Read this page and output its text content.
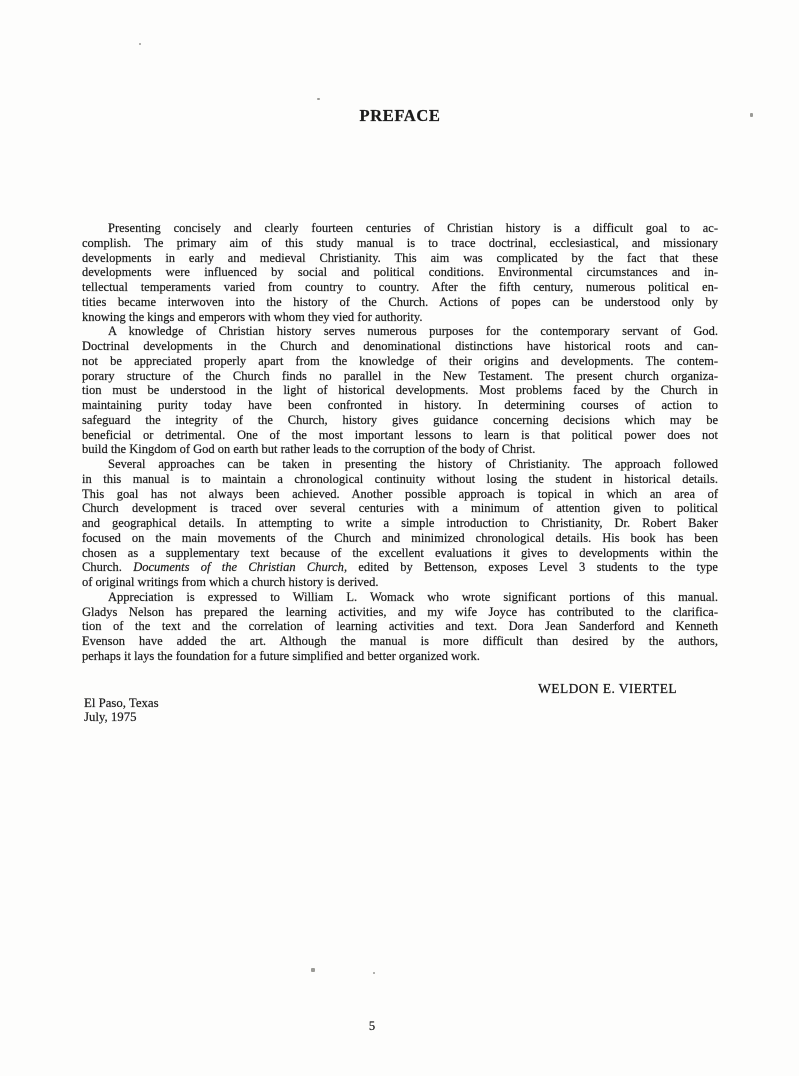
PREFACE
Presenting concisely and clearly fourteen centuries of Christian history is a difficult goal to ac-
complish. The primary aim of this study manual is to trace doctrinal, ecclesiastical, and missionary
developments in early and medieval Christianity. This aim was complicated by the fact that these
developments were influenced by social and political conditions. Environmental circumstances and in-
tellectual temperaments varied from country to country. After the fifth century, numerous political en-
tities became interwoven into the history of the Church. Actions of popes can be understood only by
knowing the kings and emperors with whom they vied for authority.
A knowledge of Christian history serves numerous purposes for the contemporary servant of God.
Doctrinal developments in the Church and denominational distinctions have historical roots and can-
not be appreciated properly apart from the knowledge of their origins and developments. The contem-
porary structure of the Church finds no parallel in the New Testament. The present church organiza-
tion must be understood in the light of historical developments. Most problems faced by the Church in
maintaining purity today have been confronted in history. In determining courses of action to
safeguard the integrity of the Church, history gives guidance concerning decisions which may be
beneficial or detrimental. One of the most important lessons to learn is that political power does not
build the Kingdom of God on earth but rather leads to the corruption of the body of Christ.
Several approaches can be taken in presenting the history of Christianity. The approach followed
in this manual is to maintain a chronological continuity without losing the student in historical details.
This goal has not always been achieved. Another possible approach is topical in which an area of
Church development is traced over several centuries with a minimum of attention given to political
and geographical details. In attempting to write a simple introduction to Christianity, Dr. Robert Baker
focused on the main movements of the Church and minimized chronological details. His book has been
chosen as a supplementary text because of the excellent evaluations it gives to developments within the
Church. Documents of the Christian Church, edited by Bettenson, exposes Level 3 students to the type
of original writings from which a church history is derived.
Appreciation is expressed to William L. Womack who wrote significant portions of this manual.
Gladys Nelson has prepared the learning activities, and my wife Joyce has contributed to the clarifica-
tion of the text and the correlation of learning activities and text. Dora Jean Sanderford and Kenneth
Evenson have added the art. Although the manual is more difficult than desired by the authors,
perhaps it lays the foundation for a future simplified and better organized work.
WELDON E. VIERTEL
El Paso, Texas
July, 1975
5
